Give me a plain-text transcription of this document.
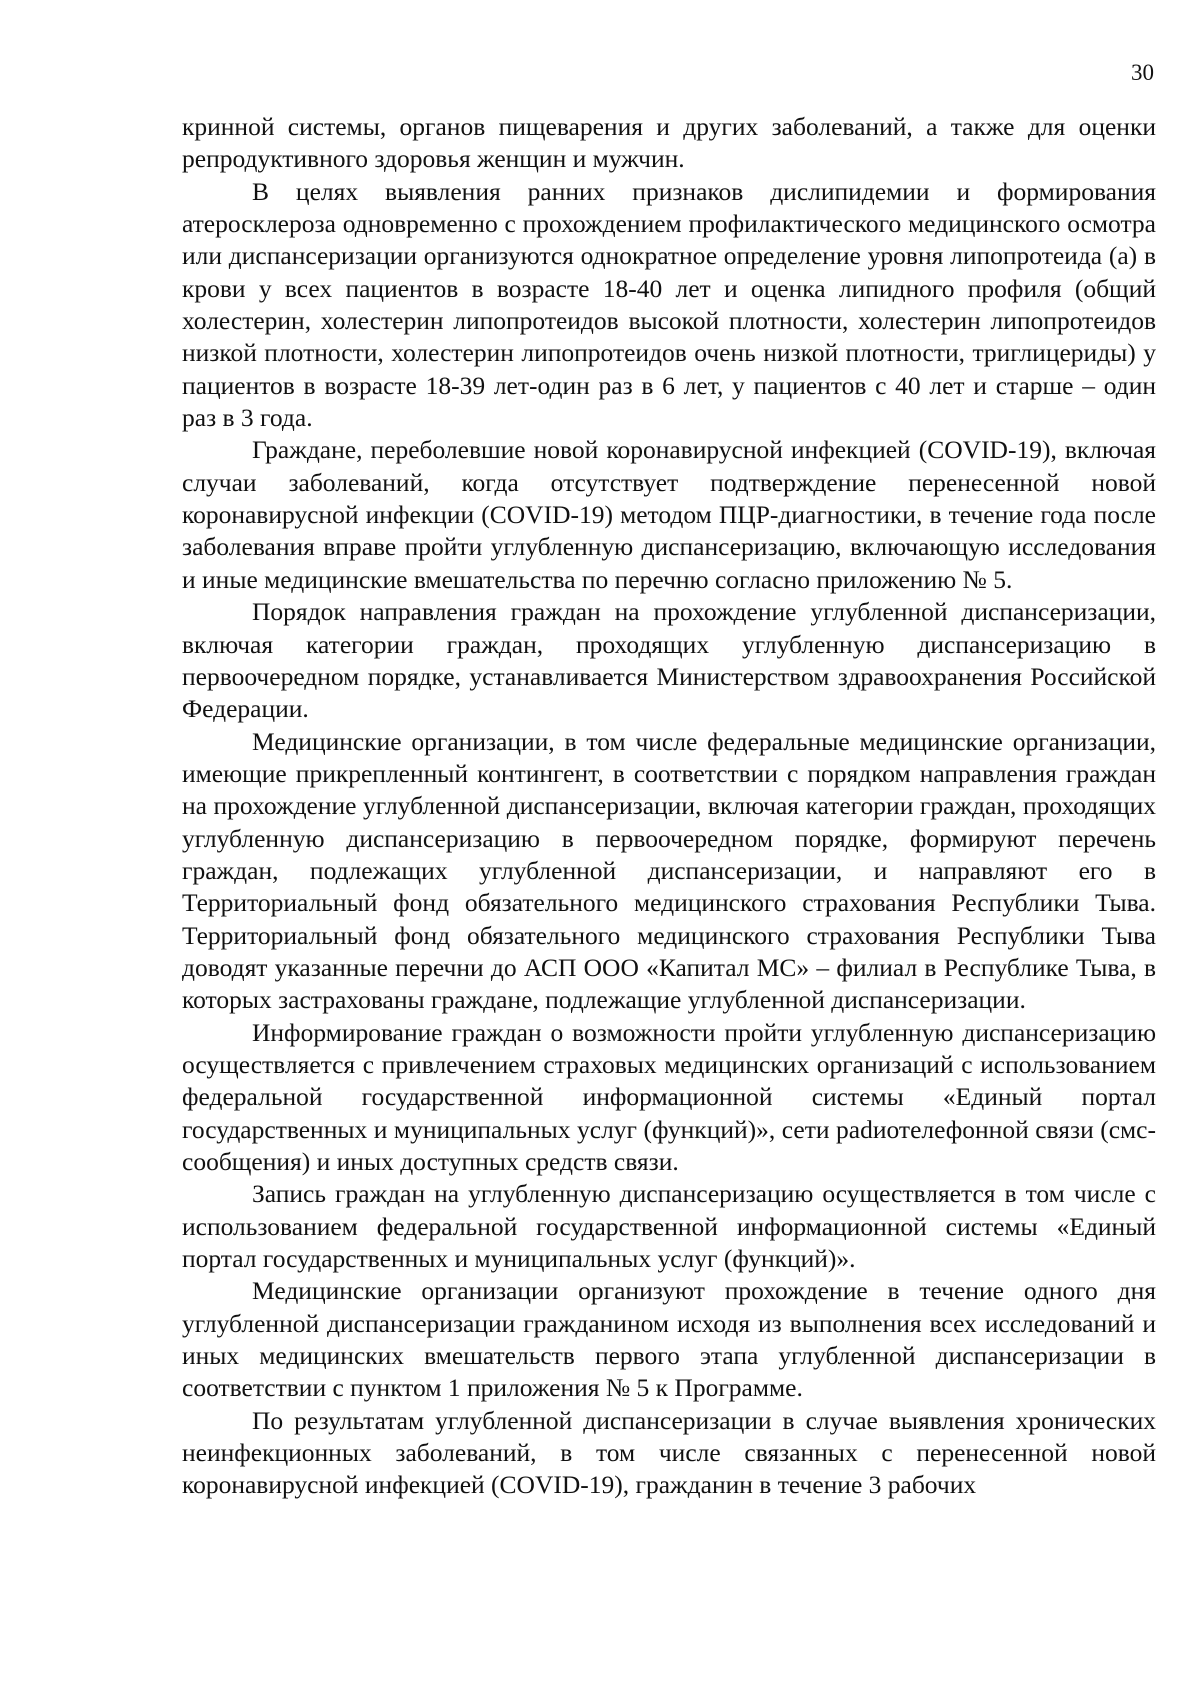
30

кринной системы, органов пищеварения и других заболеваний, а также для оценки репродуктивного здоровья женщин и мужчин.

В целях выявления ранних признаков дислипидемии и формирования атеросклероза одновременно с прохождением профилактического медицинского осмотра или диспансеризации организуются однократное определение уровня липопротеида (а) в крови у всех пациентов в возрасте 18-40 лет и оценка липидного профиля (общий холестерин, холестерин липопротеидов высокой плотности, холестерин липопротеидов низкой плотности, холестерин липопротеидов очень низкой плотности, триглицериды) у пациентов в возрасте 18-39 лет-один раз в 6 лет, у пациентов с 40 лет и старше – один раз в 3 года.

Граждане, переболевшие новой коронавирусной инфекцией (COVID-19), включая случаи заболеваний, когда отсутствует подтверждение перенесенной новой коронавирусной инфекции (COVID-19) методом ПЦР-диагностики, в течение года после заболевания вправе пройти углубленную диспансеризацию, включающую исследования и иные медицинские вмешательства по перечню согласно приложению № 5.

Порядок направления граждан на прохождение углубленной диспансеризации, включая категории граждан, проходящих углубленную диспансеризацию в первоочередном порядке, устанавливается Министерством здравоохранения Российской Федерации.

Медицинские организации, в том числе федеральные медицинские организации, имеющие прикрепленный контингент, в соответствии с порядком направления граждан на прохождение углубленной диспансеризации, включая категории граждан, проходящих углубленную диспансеризацию в первоочередном порядке, формируют перечень граждан, подлежащих углубленной диспансеризации, и направляют его в Территориальный фонд обязательного медицинского страхования Республики Тыва. Территориальный фонд обязательного медицинского страхования Республики Тыва доводят указанные перечни до АСП ООО «Капитал МС» – филиал в Республике Тыва, в которых застрахованы граждане, подлежащие углубленной диспансеризации.

Информирование граждан о возможности пройти углубленную диспансеризацию осуществляется с привлечением страховых медицинских организаций с использованием федеральной государственной информационной системы «Единый портал государственных и муниципальных услуг (функций)», сети раdиотелефонной связи (смс-сообщения) и иных доступных средств связи.

Запись граждан на углубленную диспансеризацию осуществляется в том числе с использованием федеральной государственной информационной системы «Единый портал государственных и муниципальных услуг (функций)».

Медицинские организации организуют прохождение в течение одного дня углубленной диспансеризации гражданином исходя из выполнения всех исследований и иных медицинских вмешательств первого этапа углубленной диспансеризации в соответствии с пунктом 1 приложения № 5 к Программе.

По результатам углубленной диспансеризации в случае выявления хронических неинфекционных заболеваний, в том числе связанных с перенесенной новой коронавирусной инфекцией (COVID-19), гражданин в течение 3 рабочих
